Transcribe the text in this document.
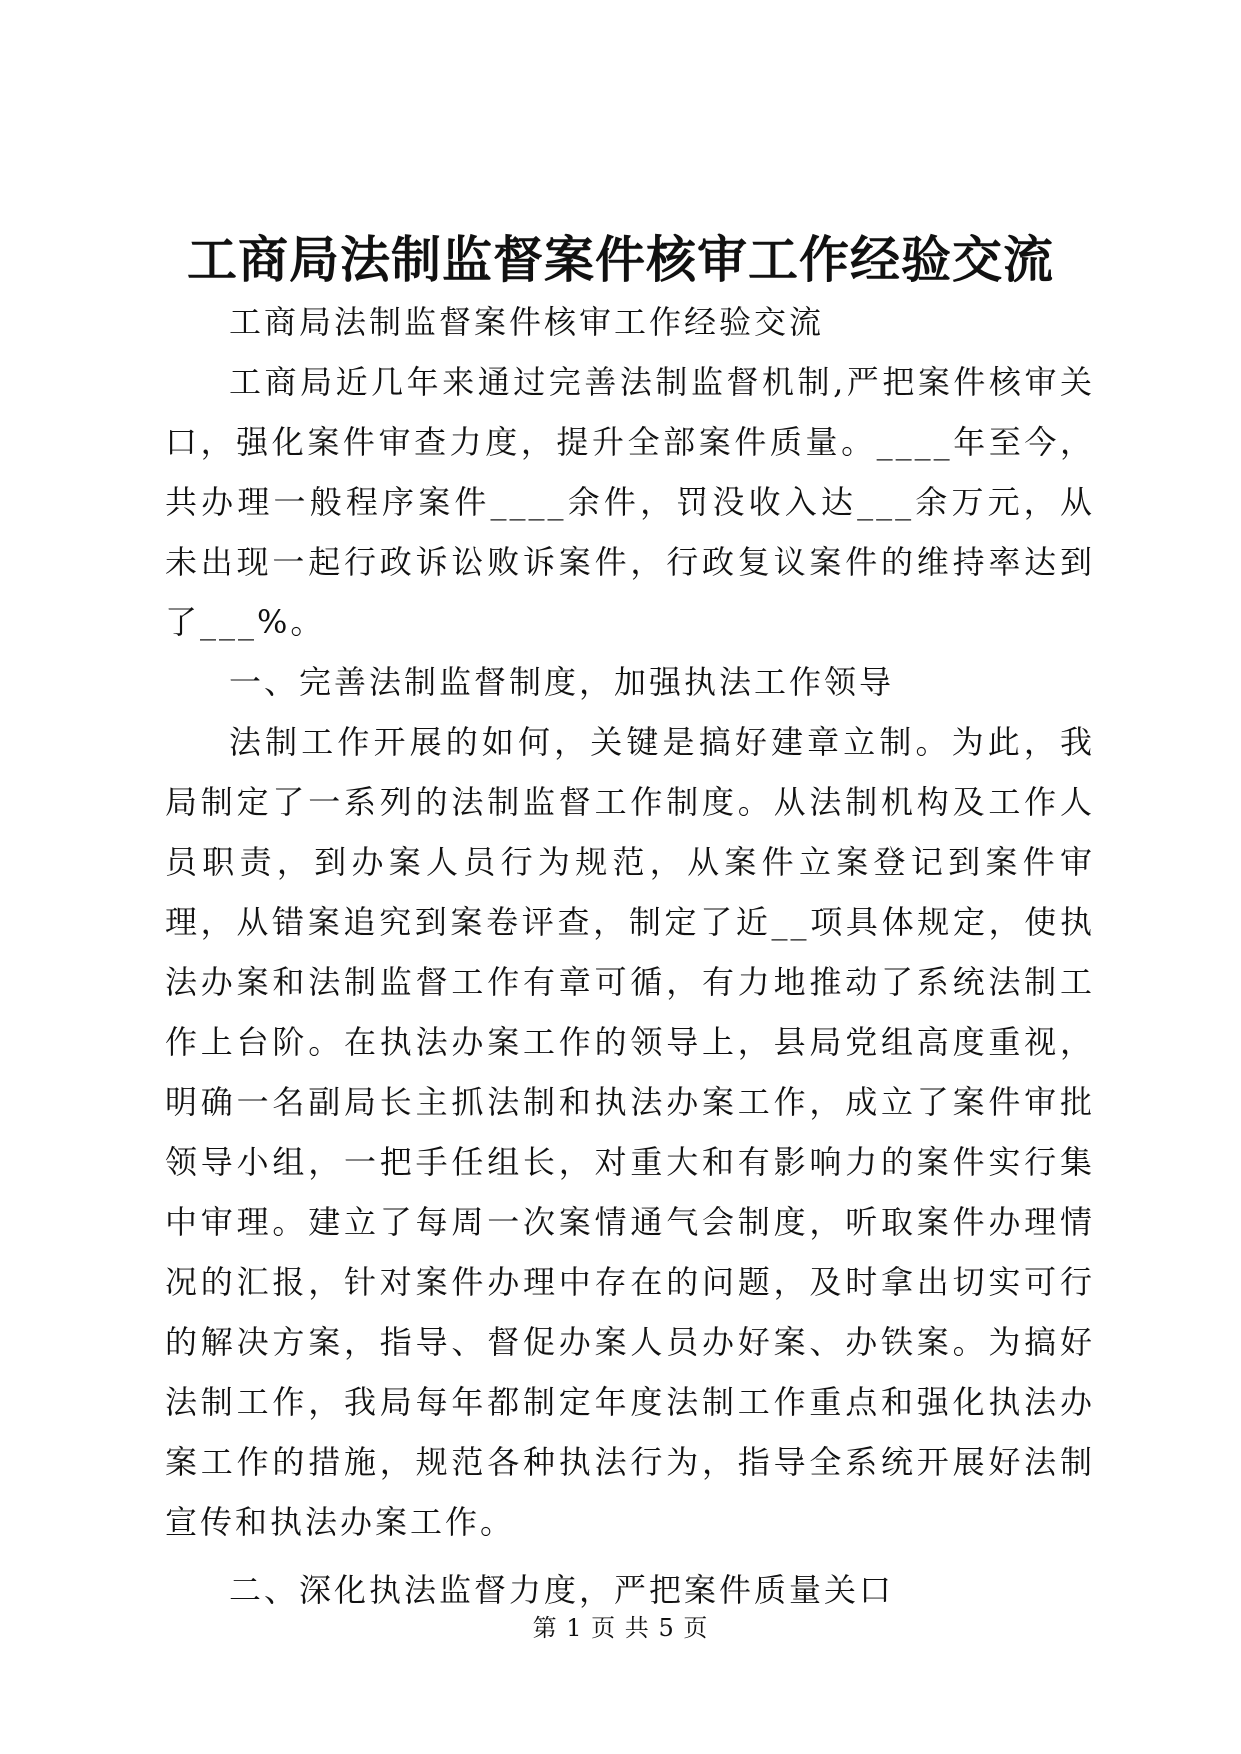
工商局法制监督案件核审工作经验交流

工商局法制监督案件核审工作经验交流

工商局近几年来通过完善法制监督机制,严把案件核审关口，强化案件审查力度，提升全部案件质量。____年至今，共办理一般程序案件____余件，罚没收入达___余万元，从未出现一起行政诉讼败诉案件，行政复议案件的维持率达到了___%。

一、完善法制监督制度，加强执法工作领导

法制工作开展的如何，关键是搞好建章立制。为此，我局制定了一系列的法制监督工作制度。从法制机构及工作人员职责，到办案人员行为规范，从案件立案登记到案件审理，从错案追究到案卷评查，制定了近__项具体规定，使执法办案和法制监督工作有章可循，有力地推动了系统法制工作上台阶。在执法办案工作的领导上，县局党组高度重视，明确一名副局长主抓法制和执法办案工作，成立了案件审批领导小组，一把手任组长，对重大和有影响力的案件实行集中审理。建立了每周一次案情通气会制度，听取案件办理情况的汇报，针对案件办理中存在的问题，及时拿出切实可行的解决方案，指导、督促办案人员办好案、办铁案。为搞好法制工作，我局每年都制定年度法制工作重点和强化执法办案工作的措施，规范各种执法行为，指导全系统开展好法制宣传和执法办案工作。

二、深化执法监督力度，严把案件质量关口

第 1 页 共 5 页
